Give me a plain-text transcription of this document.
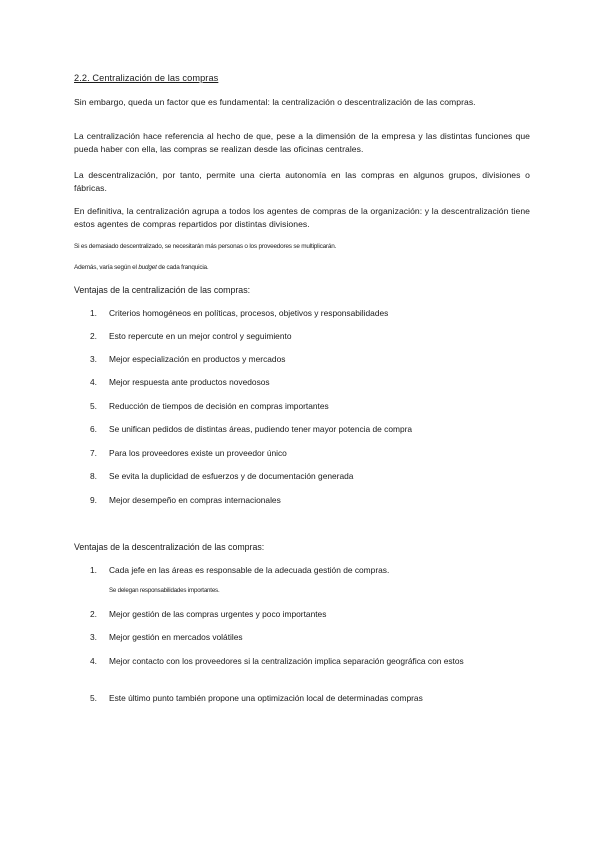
2.2. Centralización de las compras
Sin embargo, queda un factor que es fundamental: la centralización o descentralización de las compras.
La centralización hace referencia al hecho de que, pese a la dimensión de la empresa y las distintas funciones que pueda haber con ella, las compras se realizan desde las oficinas centrales.
La descentralización, por tanto, permite una cierta autonomía en las compras en algunos grupos, divisiones o fábricas.
En definitiva, la centralización agrupa a todos los agentes de compras de la organización: y la descentralización tiene estos agentes de compras repartidos por distintas divisiones.
Si es demasiado descentralizado, se necesitarán más personas o los proveedores se multiplicarán.
Además, varía según el budget de cada franquicia.
Ventajas de la centralización de las compras:
1.	Criterios homogéneos en políticas, procesos, objetivos y responsabilidades
2.	Esto repercute en un mejor control y seguimiento
3.	Mejor especialización en productos y mercados
4.	Mejor respuesta ante productos novedosos
5.	Reducción de tiempos de decisión en compras importantes
6.	Se unifican pedidos de distintas áreas, pudiendo tener mayor potencia de compra
7.	Para los proveedores existe un proveedor único
8.	Se evita la duplicidad de esfuerzos y de documentación generada
9.	Mejor desempeño en compras internacionales
Ventajas de la descentralización de las compras:
1.	Cada jefe en las áreas es responsable de la adecuada gestión de compras.
Se delegan responsabilidades importantes.
2.	Mejor gestión de las compras urgentes y poco importantes
3.	Mejor gestión en mercados volátiles
4.	Mejor contacto con los proveedores si la centralización implica separación geográfica con estos
5.	Este último punto también propone una optimización local de determinadas compras
